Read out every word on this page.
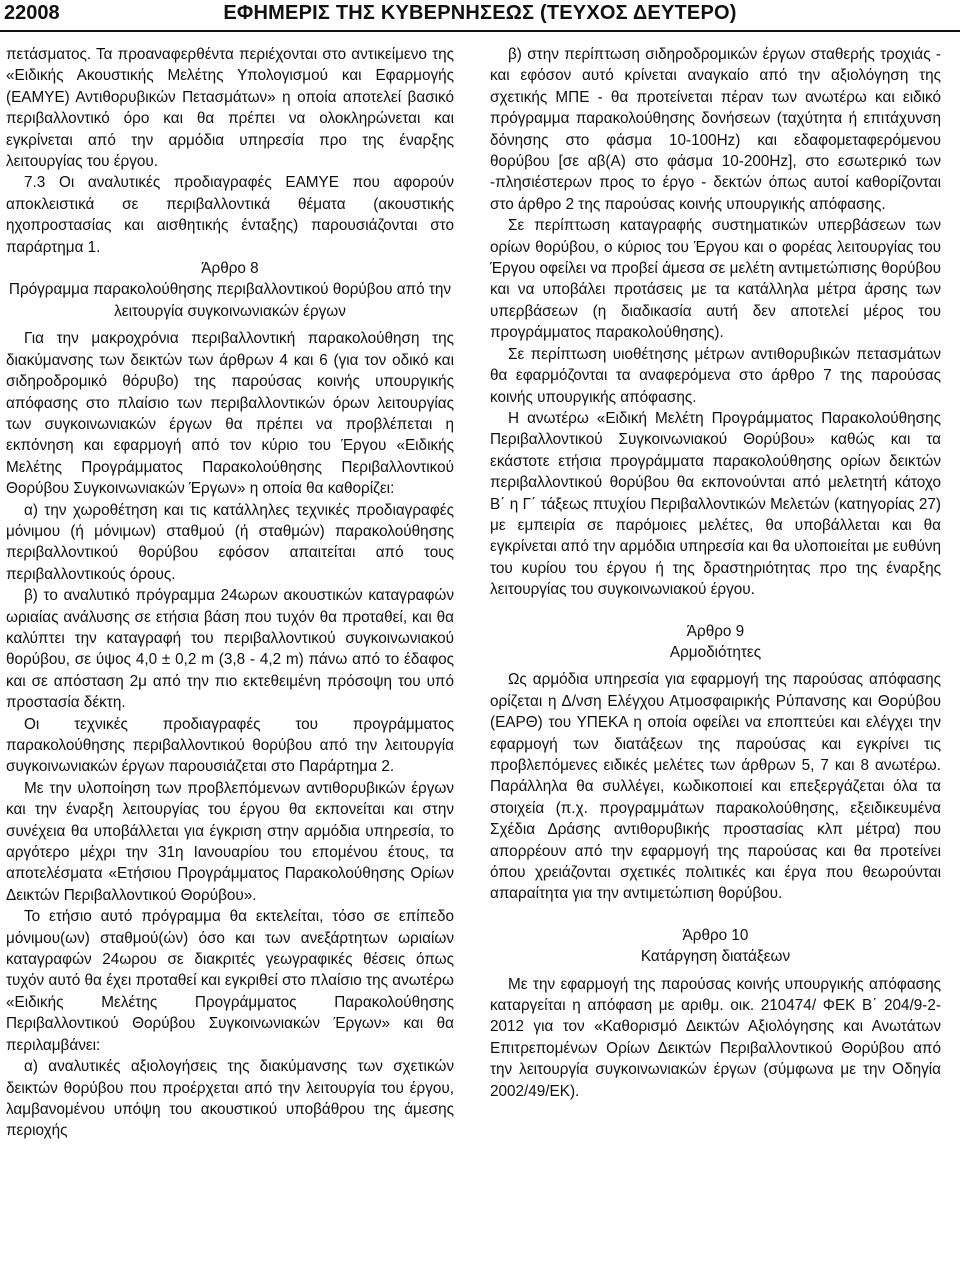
22008	ΕΦΗΜΕΡΙΣ ΤΗΣ ΚΥΒΕΡΝΗΣΕΩΣ (ΤΕΥΧΟΣ ΔΕΥΤΕΡΟ)

πετάσματος. Τα προαναφερθέντα περιέχονται στο αντικείμενο της «Ειδικής Ακουστικής Μελέτης Υπολογισμού και Εφαρμογής (ΕΑΜΥΕ) Αντιθορυβικών Πετασμάτων» η οποία αποτελεί βασικό περιβαλλοντικό όρο και θα πρέπει να ολοκληρώνεται και εγκρίνεται από την αρμόδια υπηρεσία προ της έναρξης λειτουργίας του έργου.

7.3 Οι αναλυτικές προδιαγραφές ΕΑΜΥΕ που αφορούν αποκλειστικά σε περιβαλλοντικά θέματα (ακουστικής ηχοπροστασίας και αισθητικής ένταξης) παρουσιάζονται στο παράρτημα 1.

Άρθρο 8

Πρόγραμμα παρακολούθησης περιβαλλοντικού θορύβου από την λειτουργία συγκοινωνιακών έργων

Για την μακροχρόνια περιβαλλοντική παρακολούθηση της διακύμανσης των δεικτών των άρθρων 4 και 6 (για τον οδικό και σιδηροδρομικό θόρυβο) της παρούσας κοινής υπουργικής απόφασης στο πλαίσιο των περιβαλλοντικών όρων λειτουργίας των συγκοινωνιακών έργων θα πρέπει να προβλέπεται η εκπόνηση και εφαρμογή από τον κύριο του Έργου «Ειδικής Μελέτης Προγράμματος Παρακολούθησης Περιβαλλοντικού Θορύβου Συγκοινωνιακών Έργων» η οποία θα καθορίζει:

α) την χωροθέτηση και τις κατάλληλες τεχνικές προδιαγραφές μόνιμου (ή μόνιμων) σταθμού (ή σταθμών) παρακολούθησης περιβαλλοντικού θορύβου εφόσον απαιτείται από τους περιβαλλοντικούς όρους.

β) το αναλυτικό πρόγραμμα 24ωρων ακουστικών καταγραφών ωριαίας ανάλυσης σε ετήσια βάση που τυχόν θα προταθεί, και θα καλύπτει την καταγραφή του περιβαλλοντικού συγκοινωνιακού θορύβου, σε ύψος 4,0 ± 0,2 m (3,8 - 4,2 m) πάνω από το έδαφος και σε απόσταση 2μ από την πιο εκτεθειμένη πρόσοψη του υπό προστασία δέκτη.

Οι τεχνικές προδιαγραφές του προγράμματος παρακολούθησης περιβαλλοντικού θορύβου από την λειτουργία συγκοινωνιακών έργων παρουσιάζεται στο Παράρτημα 2.

Με την υλοποίηση των προβλεπόμενων αντιθορυβικών έργων και την έναρξη λειτουργίας του έργου θα εκπονείται και στην συνέχεια θα υποβάλλεται για έγκριση στην αρμόδια υπηρεσία, το αργότερο μέχρι την 31η Ιανουαρίου του επομένου έτους, τα αποτελέσματα «Ετήσιου Προγράμματος Παρακολούθησης Ορίων Δεικτών Περιβαλλοντικού Θορύβου».

Το ετήσιο αυτό πρόγραμμα θα εκτελείται, τόσο σε επίπεδο μόνιμου(ων) σταθμού(ών) όσο και των ανεξάρτητων ωριαίων καταγραφών 24ωρου σε διακριτές γεωγραφικές θέσεις όπως τυχόν αυτό θα έχει προταθεί και εγκριθεί στο πλαίσιο της ανωτέρω «Ειδικής Μελέτης Προγράμματος Παρακολούθησης Περιβαλλοντικού Θορύβου Συγκοινωνιακών Έργων» και θα περιλαμβάνει:

α) αναλυτικές αξιολογήσεις της διακύμανσης των σχετικών δεικτών θορύβου που προέρχεται από την λειτουργία του έργου, λαμβανομένου υπόψη του ακουστικού υποβάθρου της άμεσης περιοχής

β) στην περίπτωση σιδηροδρομικών έργων σταθερής τροχιάς - και εφόσον αυτό κρίνεται αναγκαίο από την αξιολόγηση της σχετικής ΜΠΕ - θα προτείνεται πέραν των ανωτέρω και ειδικό πρόγραμμα παρακολούθησης δονήσεων (ταχύτητα ή επιτάχυνση δόνησης στο φάσμα 10-100Hz) και εδαφομεταφερόμενου θορύβου [σε αβ(Α) στο φάσμα 10-200Hz], στο εσωτερικό των -πλησιέστερων προς το έργο - δεκτών όπως αυτοί καθορίζονται στο άρθρο 2 της παρούσας κοινής υπουργικής απόφασης.

Σε περίπτωση καταγραφής συστηματικών υπερβάσεων των ορίων θορύβου, ο κύριος του Έργου και ο φορέας λειτουργίας του Έργου οφείλει να προβεί άμεσα σε μελέτη αντιμετώπισης θορύβου και να υποβάλει προτάσεις με τα κατάλληλα μέτρα άρσης των υπερβάσεων (η διαδικασία αυτή δεν αποτελεί μέρος του προγράμματος παρακολούθησης).

Σε περίπτωση υιοθέτησης μέτρων αντιθορυβικών πετασμάτων θα εφαρμόζονται τα αναφερόμενα στο άρθρο 7 της παρούσας κοινής υπουργικής απόφασης.

Η ανωτέρω «Ειδική Μελέτη Προγράμματος Παρακολούθησης Περιβαλλοντικού Συγκοινωνιακού Θορύβου» καθώς και τα εκάστοτε ετήσια προγράμματα παρακολούθησης ορίων δεικτών περιβαλλοντικού θορύβου θα εκπονούνται από μελετητή κάτοχο Β΄ η Γ΄ τάξεως πτυχίου Περιβαλλοντικών Μελετών (κατηγορίας 27) με εμπειρία σε παρόμοιες μελέτες, θα υποβάλλεται και θα εγκρίνεται από την αρμόδια υπηρεσία και θα υλοποιείται με ευθύνη του κυρίου του έργου ή της δραστηριότητας προ της έναρξης λειτουργίας του συγκοινωνιακού έργου.

Άρθρο 9

Αρμοδιότητες

Ως αρμόδια υπηρεσία για εφαρμογή της παρούσας απόφασης ορίζεται η Δ/νση Ελέγχου Ατμοσφαιρικής Ρύπανσης και Θορύβου (ΕΑΡΘ) του ΥΠΕΚΑ η οποία οφείλει να εποπτεύει και ελέγχει την εφαρμογή των διατάξεων της παρούσας και εγκρίνει τις προβλεπόμενες ειδικές μελέτες των άρθρων 5, 7 και 8 ανωτέρω. Παράλληλα θα συλλέγει, κωδικοποιεί και επεξεργάζεται όλα τα στοιχεία (π.χ. προγραμμάτων παρακολούθησης, εξειδικευμένα Σχέδια Δράσης αντιθορυβικής προστασίας κλπ μέτρα) που απορρέουν από την εφαρμογή της παρούσας και θα προτείνει όπου χρειάζονται σχετικές πολιτικές και έργα που θεωρούνται απαραίτητα για την αντιμετώπιση θορύβου.

Άρθρο 10

Κατάργηση διατάξεων

Με την εφαρμογή της παρούσας κοινής υπουργικής απόφασης καταργείται η απόφαση με αριθμ. οικ. 210474/ ΦΕΚ Β΄ 204/9-2-2012 για τον «Καθορισμό Δεικτών Αξιολόγησης και Ανωτάτων Επιτρεπομένων Ορίων Δεικτών Περιβαλλοντικού Θορύβου από την λειτουργία συγκοινωνιακών έργων (σύμφωνα με την Οδηγία 2002/49/ΕΚ).
